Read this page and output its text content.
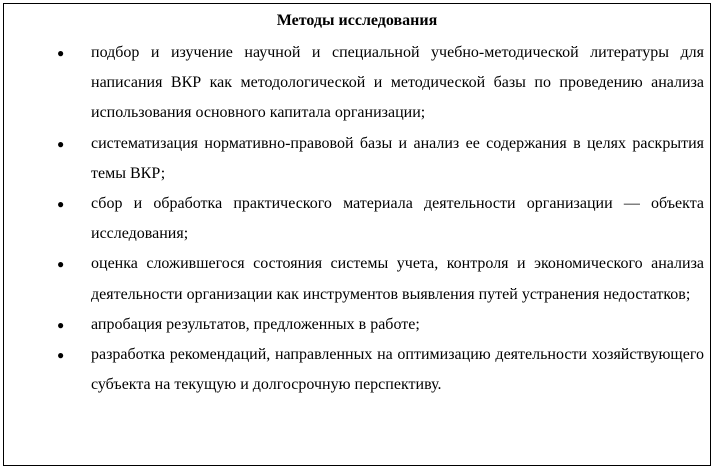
Методы исследования
● подбор и изучение научной и специальной учебно-методической литературы для написания ВКР как методологической и методической базы по проведению анализа использования основного капитала организации;
● систематизация нормативно-правовой базы и анализ ее содержания в целях раскрытия темы ВКР;
● сбор и обработка практического материала деятельности организации — объекта исследования;
● оценка сложившегося состояния системы учета, контроля и экономического анализа деятельности организации как инструментов выявления путей устранения недостатков;
● апробация результатов, предложенных в работе;
● разработка рекомендаций, направленных на оптимизацию деятельности хозяйствующего субъекта на текущую и долгосрочную перспективу.
